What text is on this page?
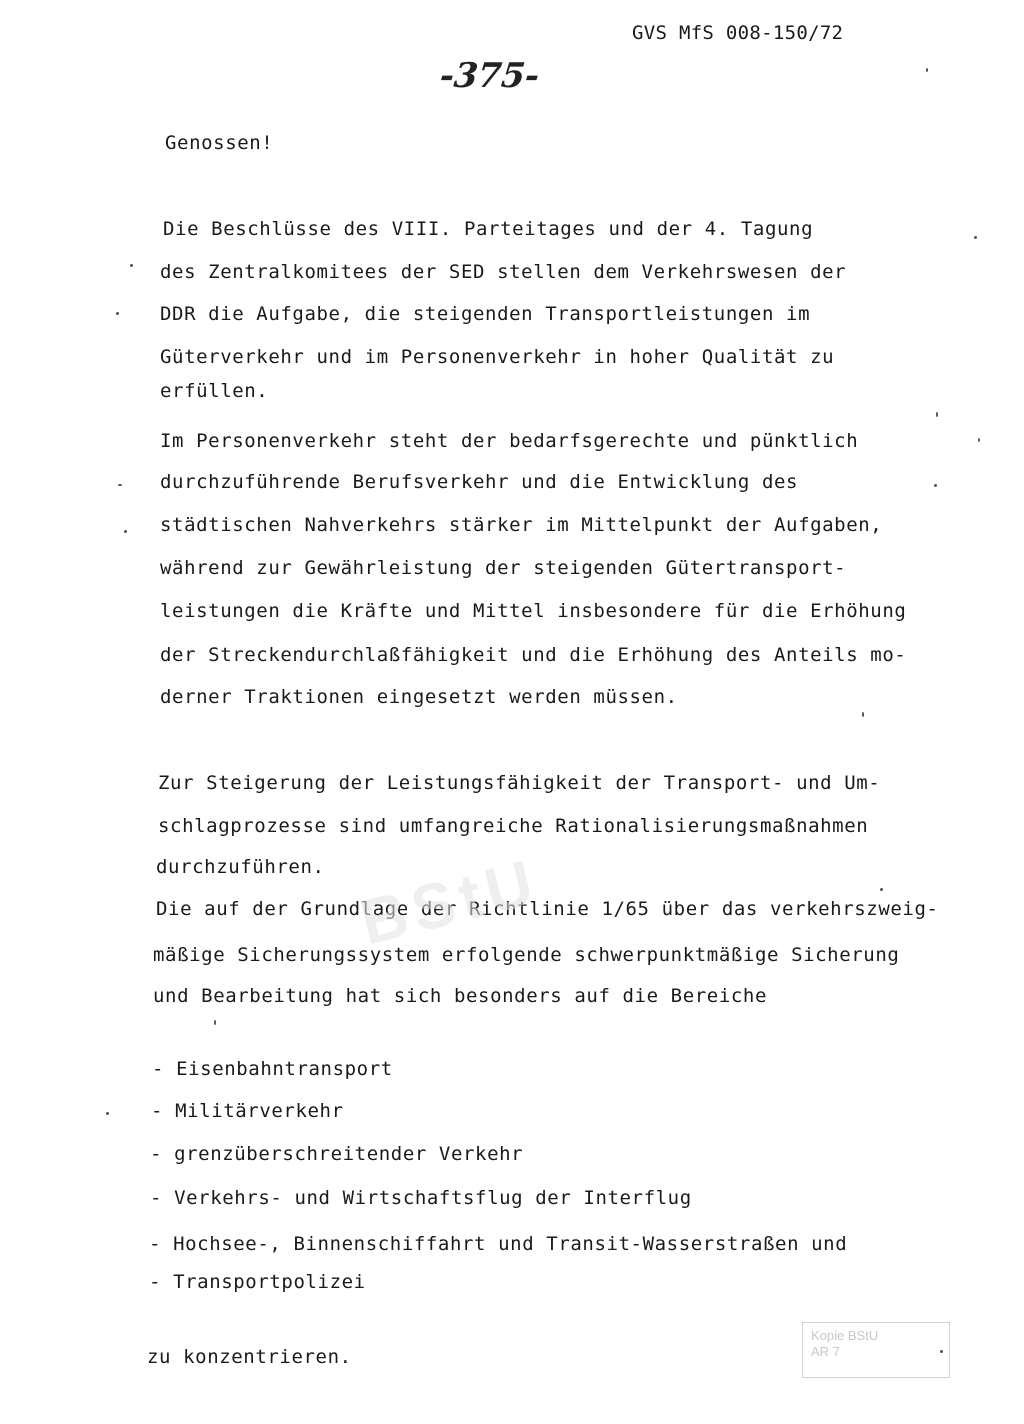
GVS MfS 008-150/72
-375-
Genossen!
Die Beschlüsse des VIII. Parteitages und der 4. Tagung
des Zentralkomitees der SED stellen dem Verkehrswesen der
DDR die Aufgabe, die steigenden Transportleistungen im
Güterverkehr und im Personenverkehr in hoher Qualität zu
erfüllen.
Im Personenverkehr steht der bedarfsgerechte und pünktlich
durchzuführende Berufsverkehr und die Entwicklung des
städtischen Nahverkehrs stärker im Mittelpunkt der Aufgaben,
während zur Gewährleistung der steigenden Gütertransport-
leistungen die Kräfte und Mittel insbesondere für die Erhöhung
der Streckendurchlaßfähigkeit und die Erhöhung des Anteils mo-
derner Traktionen eingesetzt werden müssen.
Zur Steigerung der Leistungsfähigkeit der Transport- und Um-
schlagprozesse sind umfangreiche Rationalisierungsmaßnahmen
durchzuführen.
Die auf der Grundlage der Richtlinie 1/65 über das verkehrszweig-
mäßige Sicherungssystem erfolgende schwerpunktmäßige Sicherung
und Bearbeitung hat sich besonders auf die Bereiche
- Eisenbahntransport
- Militärverkehr
- grenzüberschreitender Verkehr
- Verkehrs- und Wirtschaftsflug der Interflug
- Hochsee-, Binnenschiffahrt und Transit-Wasserstraßen und
- Transportpolizei
zu konzentrieren.
BStU
Kopie BStU
AR 7
